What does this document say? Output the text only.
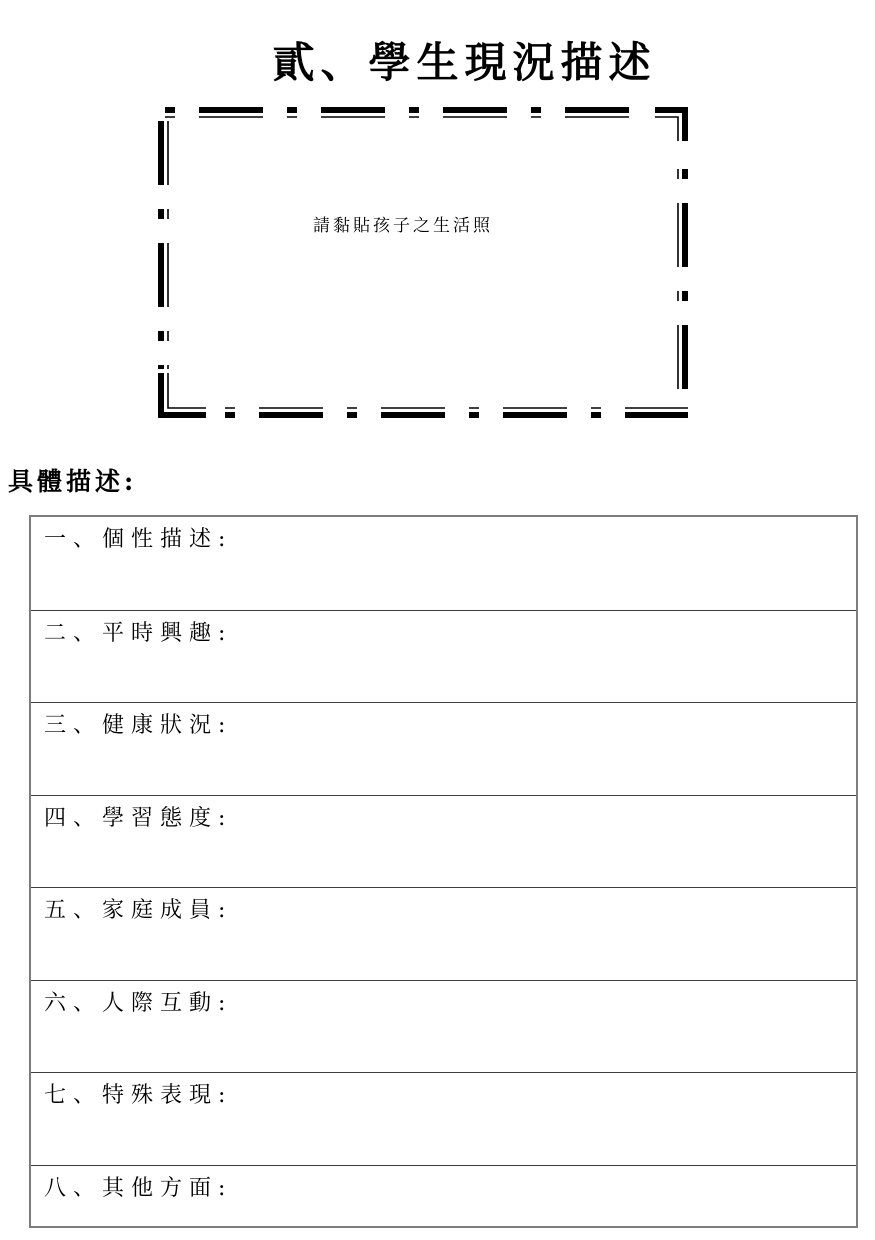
貳、學生現況描述
請黏貼孩子之生活照
具體描述:
一、個性描述:
二、平時興趣:
三、健康狀況:
四、學習態度:
五、家庭成員:
六、人際互動:
七、特殊表現:
八、其他方面:
